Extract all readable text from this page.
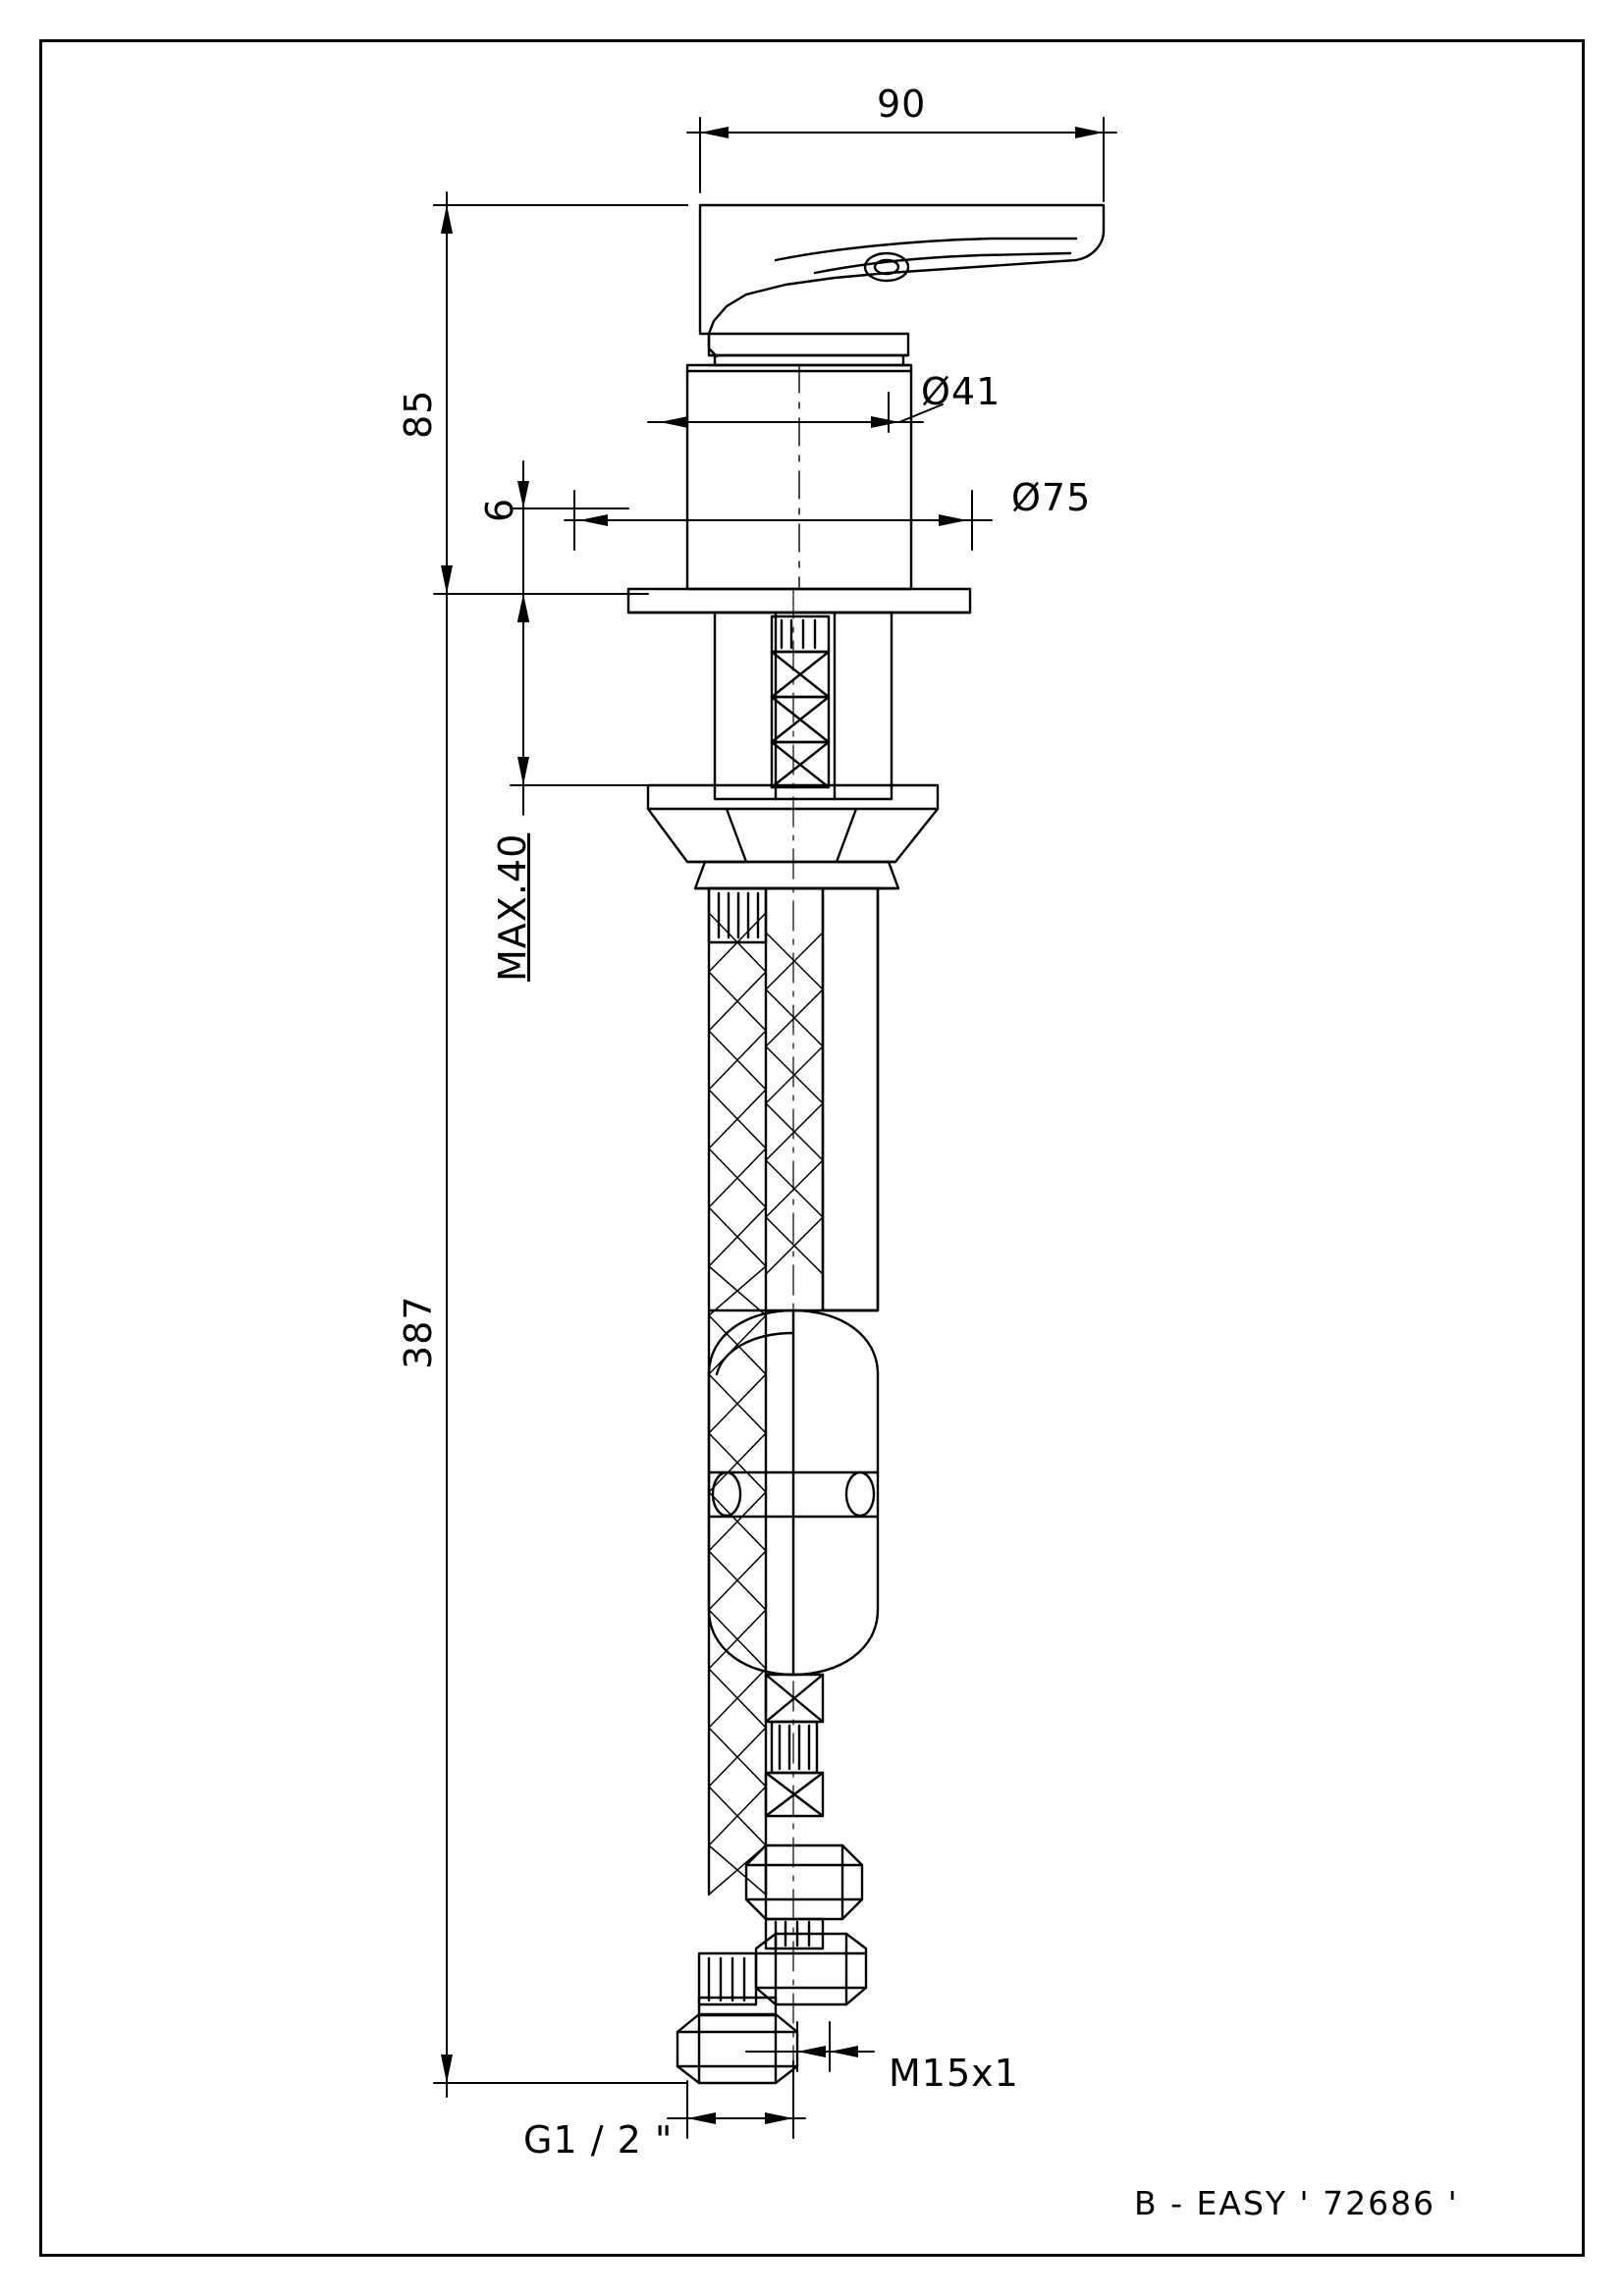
90
85
6
Ø41
Ø75
MAX.40
387
M15x1
G1 / 2 "
B - EASY ' 72686 '
